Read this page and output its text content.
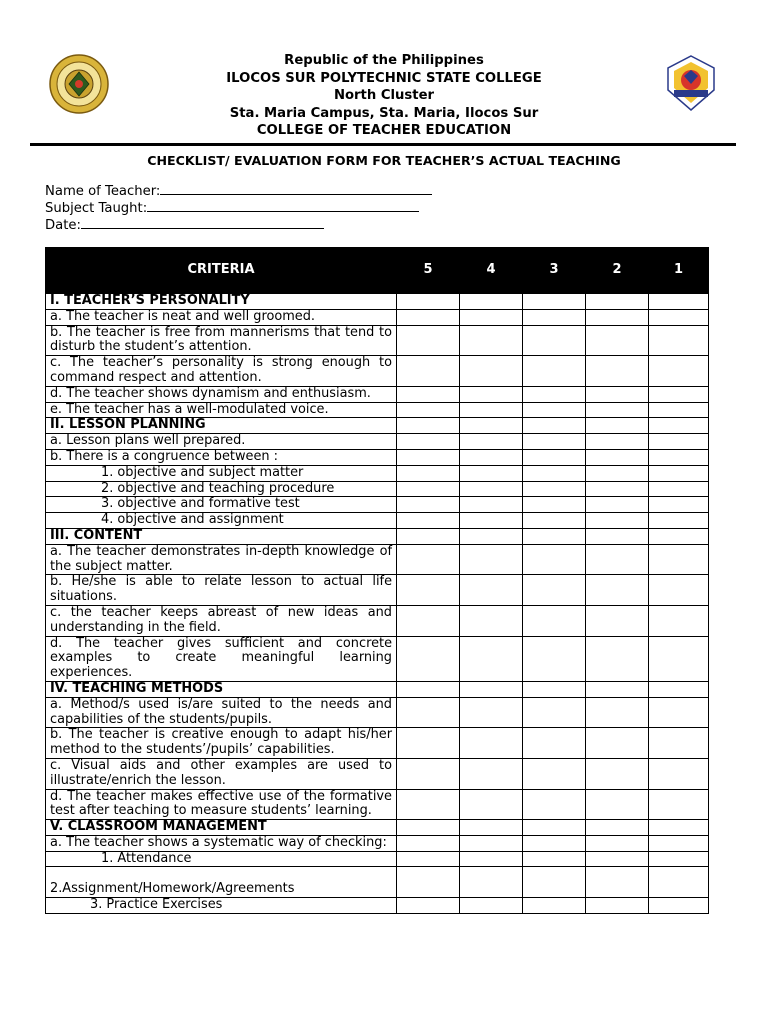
Republic of the Philippines
ILOCOS SUR POLYTECHNIC STATE COLLEGE
North Cluster
Sta. Maria Campus, Sta. Maria, Ilocos Sur
COLLEGE OF TEACHER EDUCATION
CHECKLIST/ EVALUATION FORM FOR TEACHER’S ACTUAL TEACHING
Name of Teacher:
Subject Taught:
Date:
CRITERIA	5	4	3	2	1
I. TEACHER’S PERSONALITY					
a. The teacher is neat and well groomed.					
b. The teacher is free from mannerisms that tend to disturb the student’s attention.					
c. The teacher’s personality is strong enough to command respect and attention.					
d. The teacher shows dynamism and enthusiasm.					
e. The teacher has a well-modulated voice.					
II. LESSON PLANNING					
a. Lesson plans well prepared.					
b. There is a congruence between :					
1. objective and subject matter					
2. objective and teaching procedure					
3. objective and formative test					
4. objective and assignment					
III. CONTENT					
a. The teacher demonstrates in-depth knowledge of the subject matter.					
b. He/she is able to relate lesson to actual life situations.					
c. the teacher keeps abreast of new ideas and understanding in the field.					
d. The teacher gives sufficient and concrete examples to create meaningful learning experiences.					
IV. TEACHING METHODS					
a. Method/s used is/are suited to the needs and capabilities of the students/pupils.					
b. The teacher is creative enough to adapt his/her method to the students’/pupils’ capabilities.					
c. Visual aids and other examples are used to illustrate/enrich the lesson.					
d. The teacher makes effective use of the formative test after teaching to measure students’ learning.					
V. CLASSROOM MANAGEMENT					
a. The teacher shows a systematic way of checking:					
1. Attendance					
2.Assignment/Homework/Agreements					
3. Practice Exercises					
